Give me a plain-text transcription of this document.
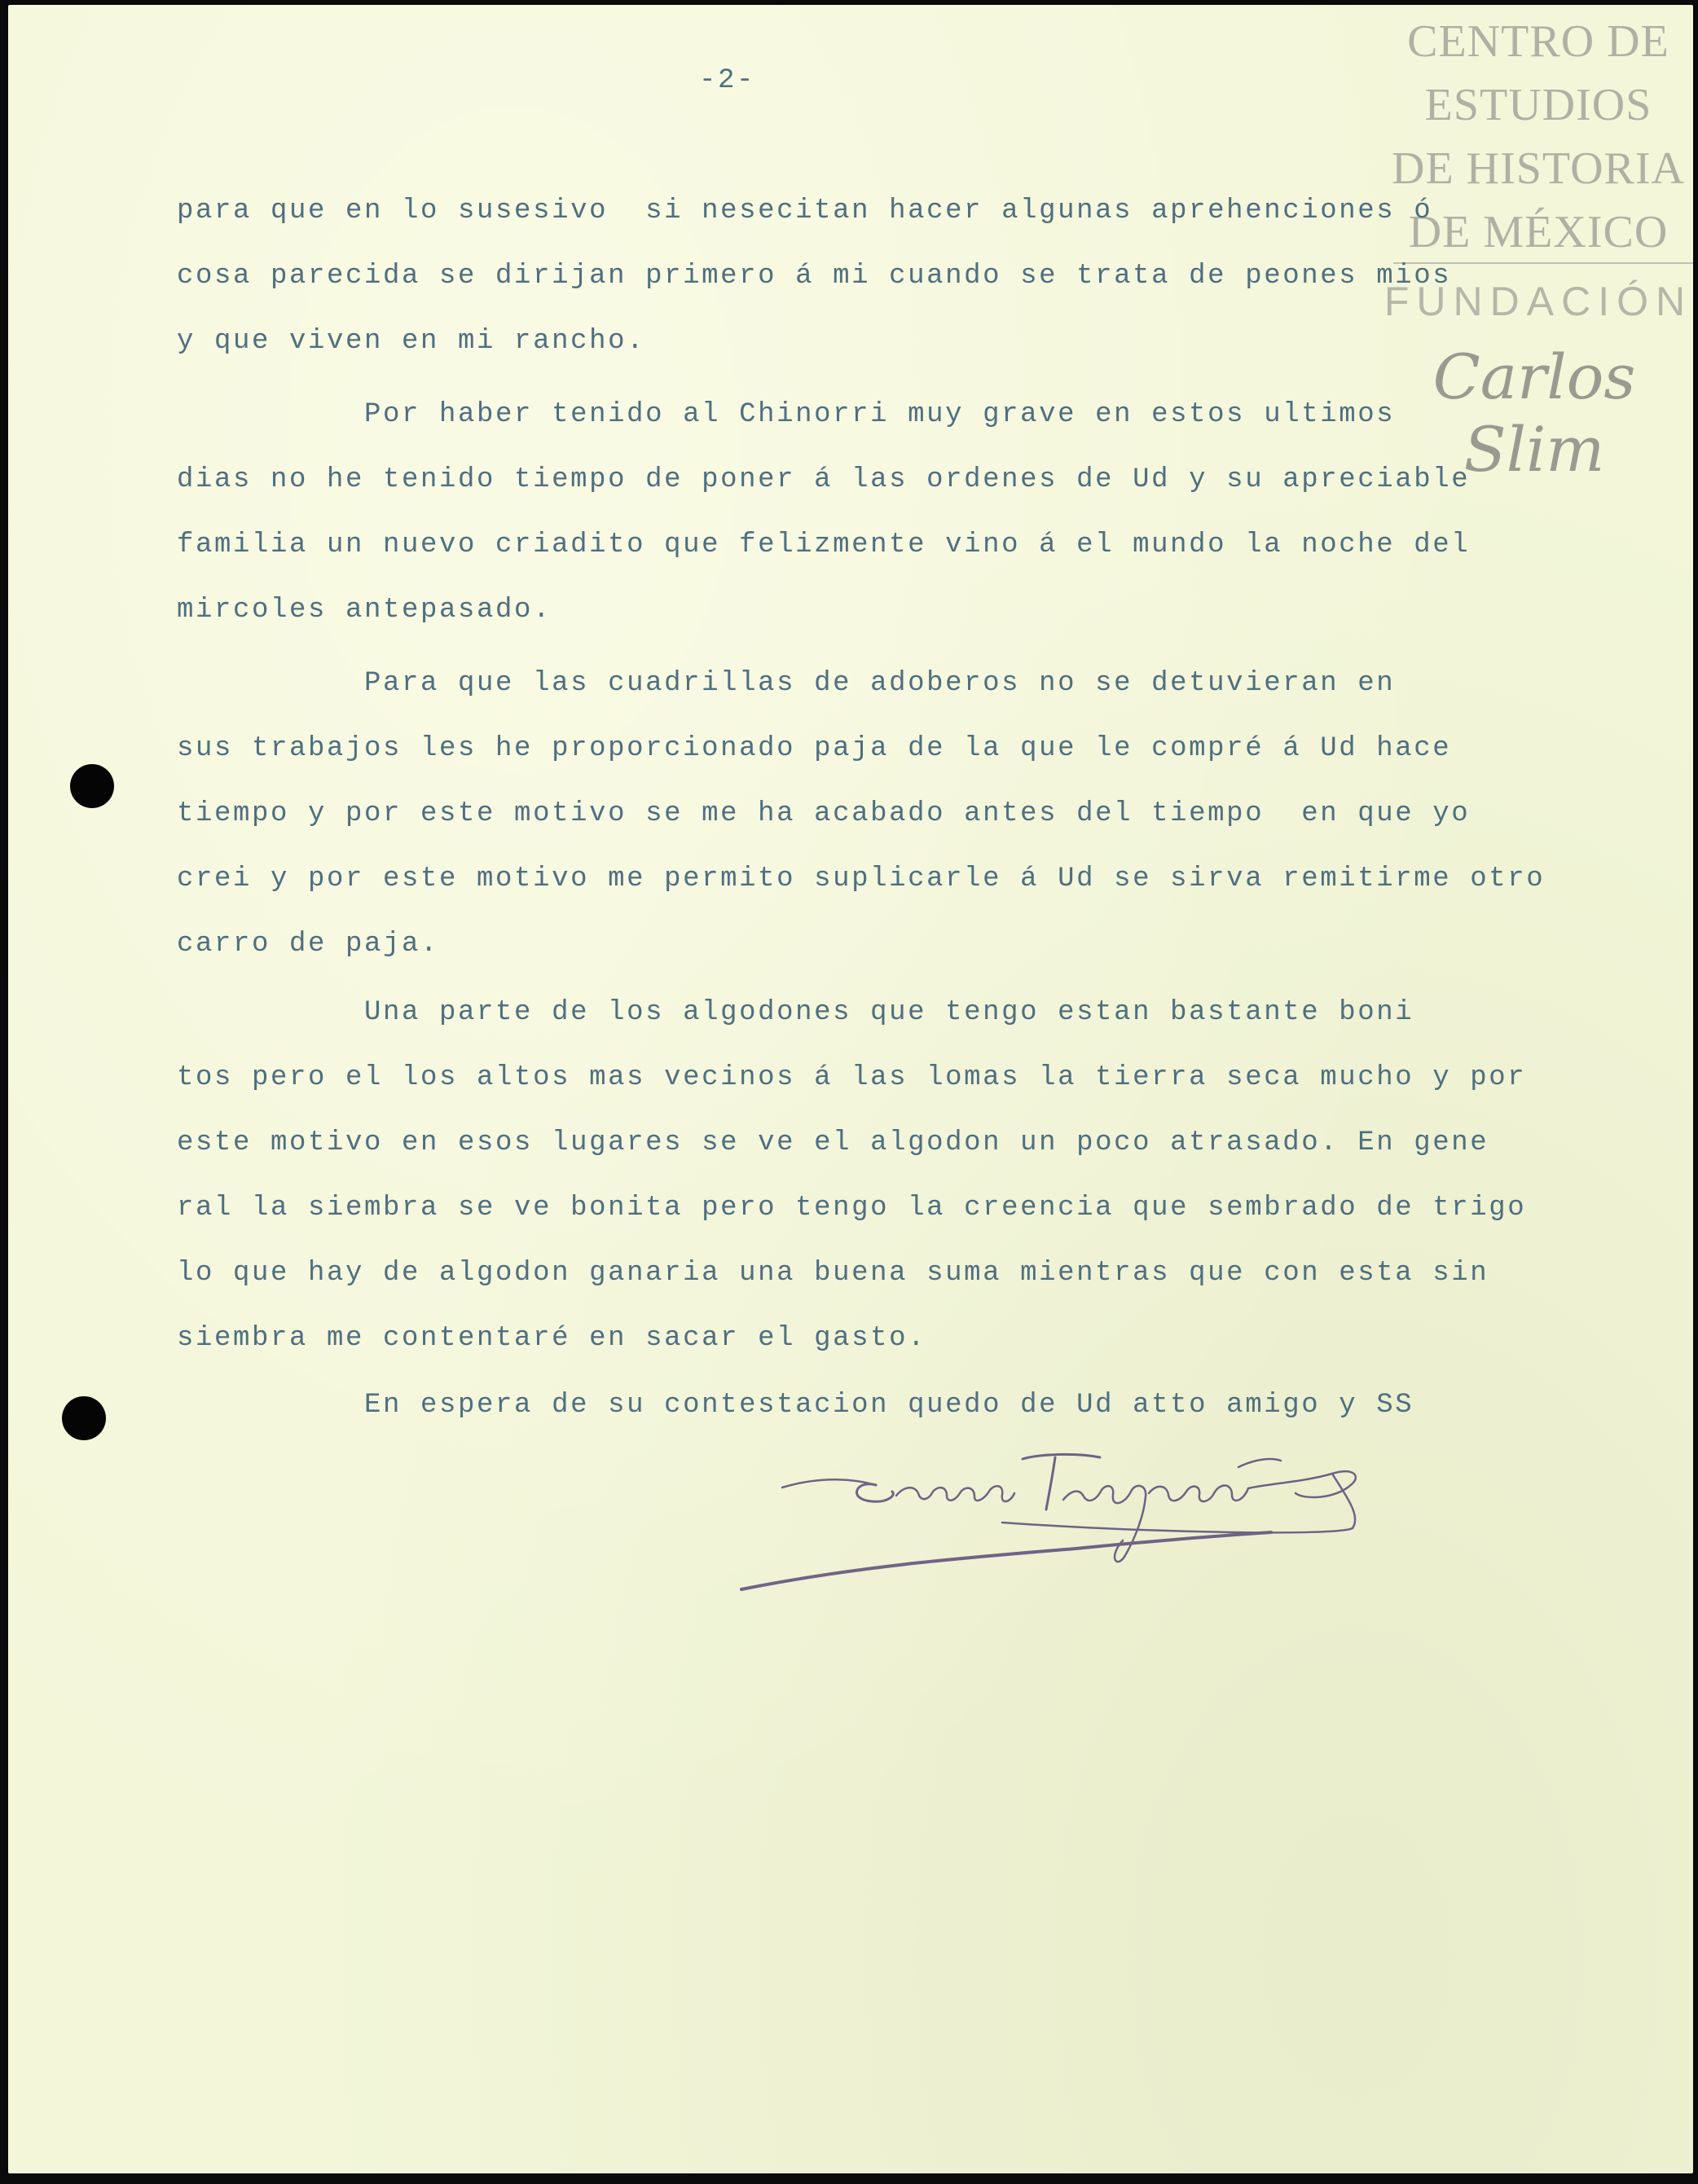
-2-
CENTRO DE
ESTUDIOS
DE HISTORIA
DE MÉXICO
FUNDACIÓN
Carlos Slim
para que en lo susesivo  si nesecitan hacer algunas aprehenciones ó
cosa parecida se dirijan primero á mi cuando se trata de peones mios
y que viven en mi rancho.
Por haber tenido al Chinorri muy grave en estos ultimos
dias no he tenido tiempo de poner á las ordenes de Ud y su apreciable
familia un nuevo criadito que felizmente vino á el mundo la noche del
mircoles antepasado.
Para que las cuadrillas de adoberos no se detuvieran en
sus trabajos les he proporcionado paja de la que le compré á Ud hace
tiempo y por este motivo se me ha acabado antes del tiempo  en que yo
crei y por este motivo me permito suplicarle á Ud se sirva remitirme otro
carro de paja.
Una parte de los algodones que tengo estan bastante boni
tos pero el los altos mas vecinos á las lomas la tierra seca mucho y por
este motivo en esos lugares se ve el algodon un poco atrasado. En gene
ral la siembra se ve bonita pero tengo la creencia que sembrado de trigo
lo que hay de algodon ganaria una buena suma mientras que con esta sin
siembra me contentaré en sacar el gasto.
En espera de su contestacion quedo de Ud atto amigo y SS
